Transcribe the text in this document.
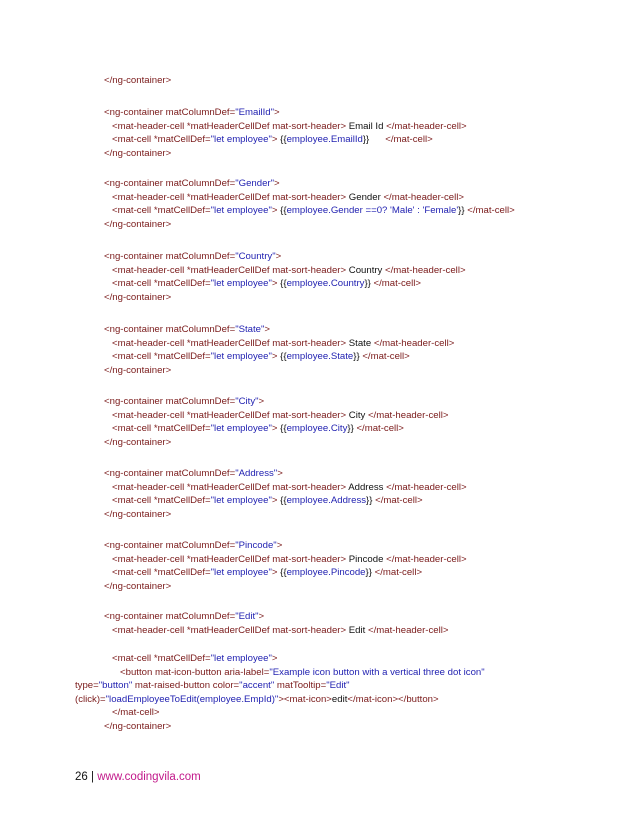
</ng-container>
<ng-container matColumnDef="EmailId">
<mat-header-cell *matHeaderCellDef mat-sort-header> Email Id </mat-header-cell>
<mat-cell *matCellDef="let employee"> {{employee.EmailId}}      </mat-cell>
</ng-container>
<ng-container matColumnDef="Gender">
<mat-header-cell *matHeaderCellDef mat-sort-header> Gender </mat-header-cell>
<mat-cell *matCellDef="let employee"> {{employee.Gender ==0? 'Male' : 'Female'}} </mat-cell>
</ng-container>
<ng-container matColumnDef="Country">
<mat-header-cell *matHeaderCellDef mat-sort-header> Country </mat-header-cell>
<mat-cell *matCellDef="let employee"> {{employee.Country}} </mat-cell>
</ng-container>
<ng-container matColumnDef="State">
<mat-header-cell *matHeaderCellDef mat-sort-header> State </mat-header-cell>
<mat-cell *matCellDef="let employee"> {{employee.State}} </mat-cell>
</ng-container>
<ng-container matColumnDef="City">
<mat-header-cell *matHeaderCellDef mat-sort-header> City </mat-header-cell>
<mat-cell *matCellDef="let employee"> {{employee.City}} </mat-cell>
</ng-container>
<ng-container matColumnDef="Address">
<mat-header-cell *matHeaderCellDef mat-sort-header> Address </mat-header-cell>
<mat-cell *matCellDef="let employee"> {{employee.Address}} </mat-cell>
</ng-container>
<ng-container matColumnDef="Pincode">
<mat-header-cell *matHeaderCellDef mat-sort-header> Pincode </mat-header-cell>
<mat-cell *matCellDef="let employee"> {{employee.Pincode}} </mat-cell>
</ng-container>
<ng-container matColumnDef="Edit">
<mat-header-cell *matHeaderCellDef mat-sort-header> Edit </mat-header-cell>
<mat-cell *matCellDef="let employee">
<button mat-icon-button aria-label="Example icon button with a vertical three dot icon"
type="button" mat-raised-button color="accent" matTooltip="Edit"
(click)="loadEmployeeToEdit(employee.EmpId)"><mat-icon>edit</mat-icon></button>
</mat-cell>
</ng-container>
26 | www.codingvila.com
